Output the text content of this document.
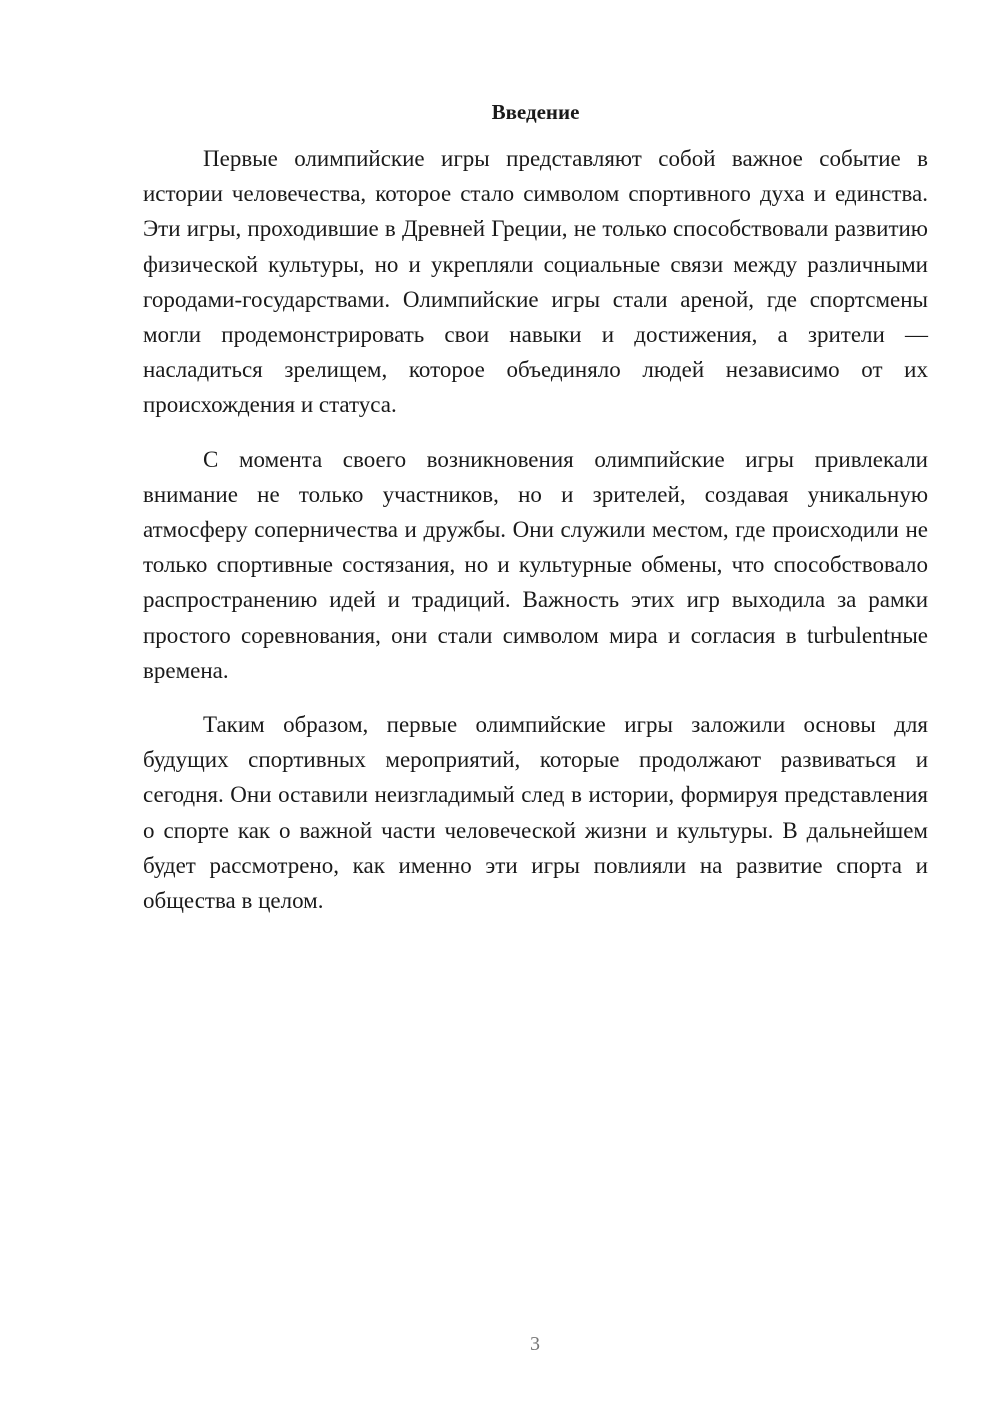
Введение

Первые олимпийские игры представляют собой важное событие в истории человечества, которое стало символом спортивного духа и единства. Эти игры, проходившие в Древней Греции, не только способствовали развитию физической культуры, но и укрепляли социальные связи между различными городами-государствами. Олимпийские игры стали ареной, где спортсмены могли продемонстрировать свои навыки и достижения, а зрители — насладиться зрелищем, которое объединяло людей независимо от их происхождения и статуса.

С момента своего возникновения олимпийские игры привлекали внимание не только участников, но и зрителей, создавая уникальную атмосферу соперничества и дружбы. Они служили местом, где происходили не только спортивные состязания, но и культурные обмены, что способствовало распространению идей и традиций. Важность этих игр выходила за рамки простого соревнования, они стали символом мира и согласия в turbulentные времена.

Таким образом, первые олимпийские игры заложили основы для будущих спортивных мероприятий, которые продолжают развиваться и сегодня. Они оставили неизгладимый след в истории, формируя представления о спорте как о важной части человеческой жизни и культуры. В дальнейшем будет рассмотрено, как именно эти игры повлияли на развитие спорта и общества в целом.

3
